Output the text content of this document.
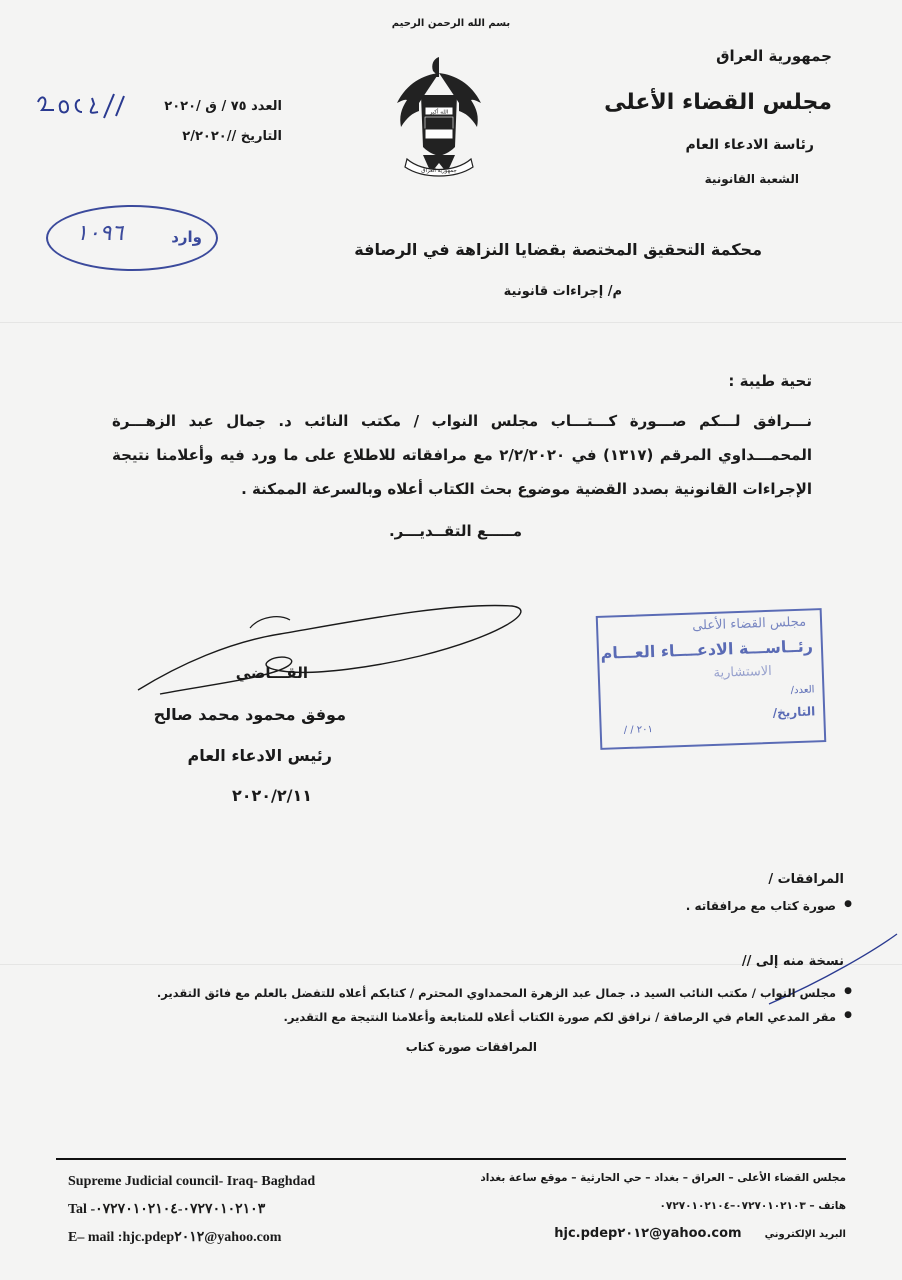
بسم الله الرحمن الرحيم
جمهورية العراق
مجلس القضاء الأعلى
رئاسة الادعاء العام
الشعبة القانونية
الله أكبر
جمهورية العراق
العدد ٧٥ / ق /٢٠٢٠
التاريخ //٢/٢٠٢٠
٢٠٦٢
وارد
١٠٩٦
محكمة التحقيق المختصة بقضايا النزاهة في الرصافة
م/ إجراءات قانونية
تحية طيبة :
نـــرافق لـــكم صـــورة كـــتـــاب مجلس النواب / مكتب النائب د. جمال عبد الزهـــرة المحمـــداوي المرقم (١٣١٧) في ٢/٢/٢٠٢٠ مع مرافقاته للاطلاع على ما ورد فيه وأعلامنا نتيجة الإجراءات القانونية بصدد القضية موضوع بحث الكتاب أعلاه وبالسرعة الممكنة .
مـــــع التقــديـــر.
القـــاضي
موفق محمود محمد صالح
رئيس الادعاء العام
٢٠٢٠/٢/١١
مجلس القضاء الأعلى
رئــاســـة الادعــــاء العـــام
الاستشارية
العدد/
التاريخ/
٢٠١ / /
المرافقات /
● صورة كتاب مع مرافقاته .
نسخة منه إلى //
● مجلس النواب / مكتب النائب السيد د. جمال عبد الزهرة المحمداوي المحترم / كتابكم أعلاه للتفضل بالعلم مع فائق التقدير.
● مقر المدعي العام في الرصافة / نرافق لكم صورة الكتاب أعلاه للمتابعة وأعلامنا النتيجة مع التقدير.
المرافقات صورة كتاب
Supreme Judicial council- Iraq- Baghdad
Tal -٠٧٢٧٠١٠٢١٠٣-٠٧٢٧٠١٠٢١٠٤
E– mail :hjc.pdep٢٠١٢@yahoo.com
مجلس القضاء الأعلى – العراق – بغداد – حي الحارثية – موقع ساعة بغداد
هاتف – ٠٧٢٧٠١٠٢١٠٣–٠٧٢٧٠١٠٢١٠٤
البريد الإلكتروني  hjc.pdep٢٠١٢@yahoo.com
